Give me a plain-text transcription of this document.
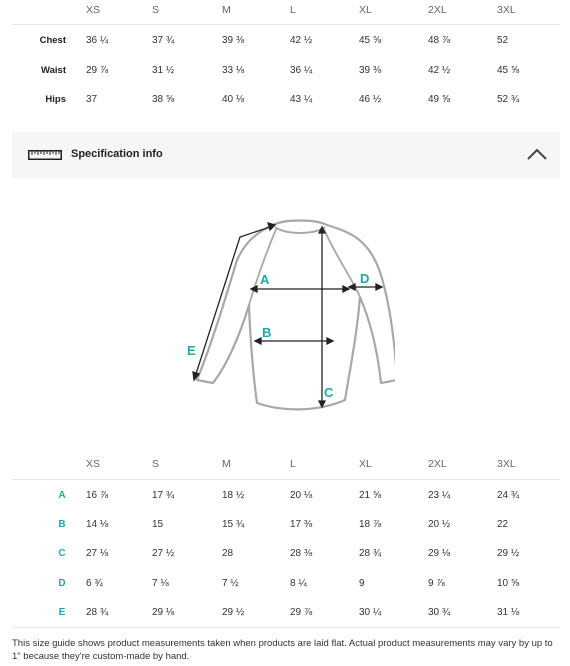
XS	S	M	L	XL	2XL	3XL
Chest 36 ¼	37 ¾	39 ⅜	42 ½	45 ⅝	48 ⅞	52
Waist 29 ⅞	31 ½	33 ⅛	36 ¼	39 ⅜	42 ½	45 ⅝
Hips 37	38 ⅝	40 ⅛	43 ¼	46 ½	49 ⅝	52 ¾
Specification info
A
B
C
D
E
XS	S	M	L	XL	2XL	3XL
A	16 ⅞	17 ¾	18 ½	20 ⅛	21 ⅝	23 ¼	24 ¾
B	14 ⅛	15	15 ¾	17 ⅜	18 ⅞	20 ½	22
C	27 ⅛	27 ½	28	28 ⅜	28 ¾	29 ⅛	29 ½
D	6 ¾	7 ⅛	7 ½	8 ¼	9	9 ⅞	10 ⅝
E	28 ¾	29 ⅛	29 ½	29 ⅞	30 ¼	30 ¾	31 ⅛
This size guide shows product measurements taken when products are laid flat. Actual product measurements may vary by up to 1" because they're custom-made by hand.
